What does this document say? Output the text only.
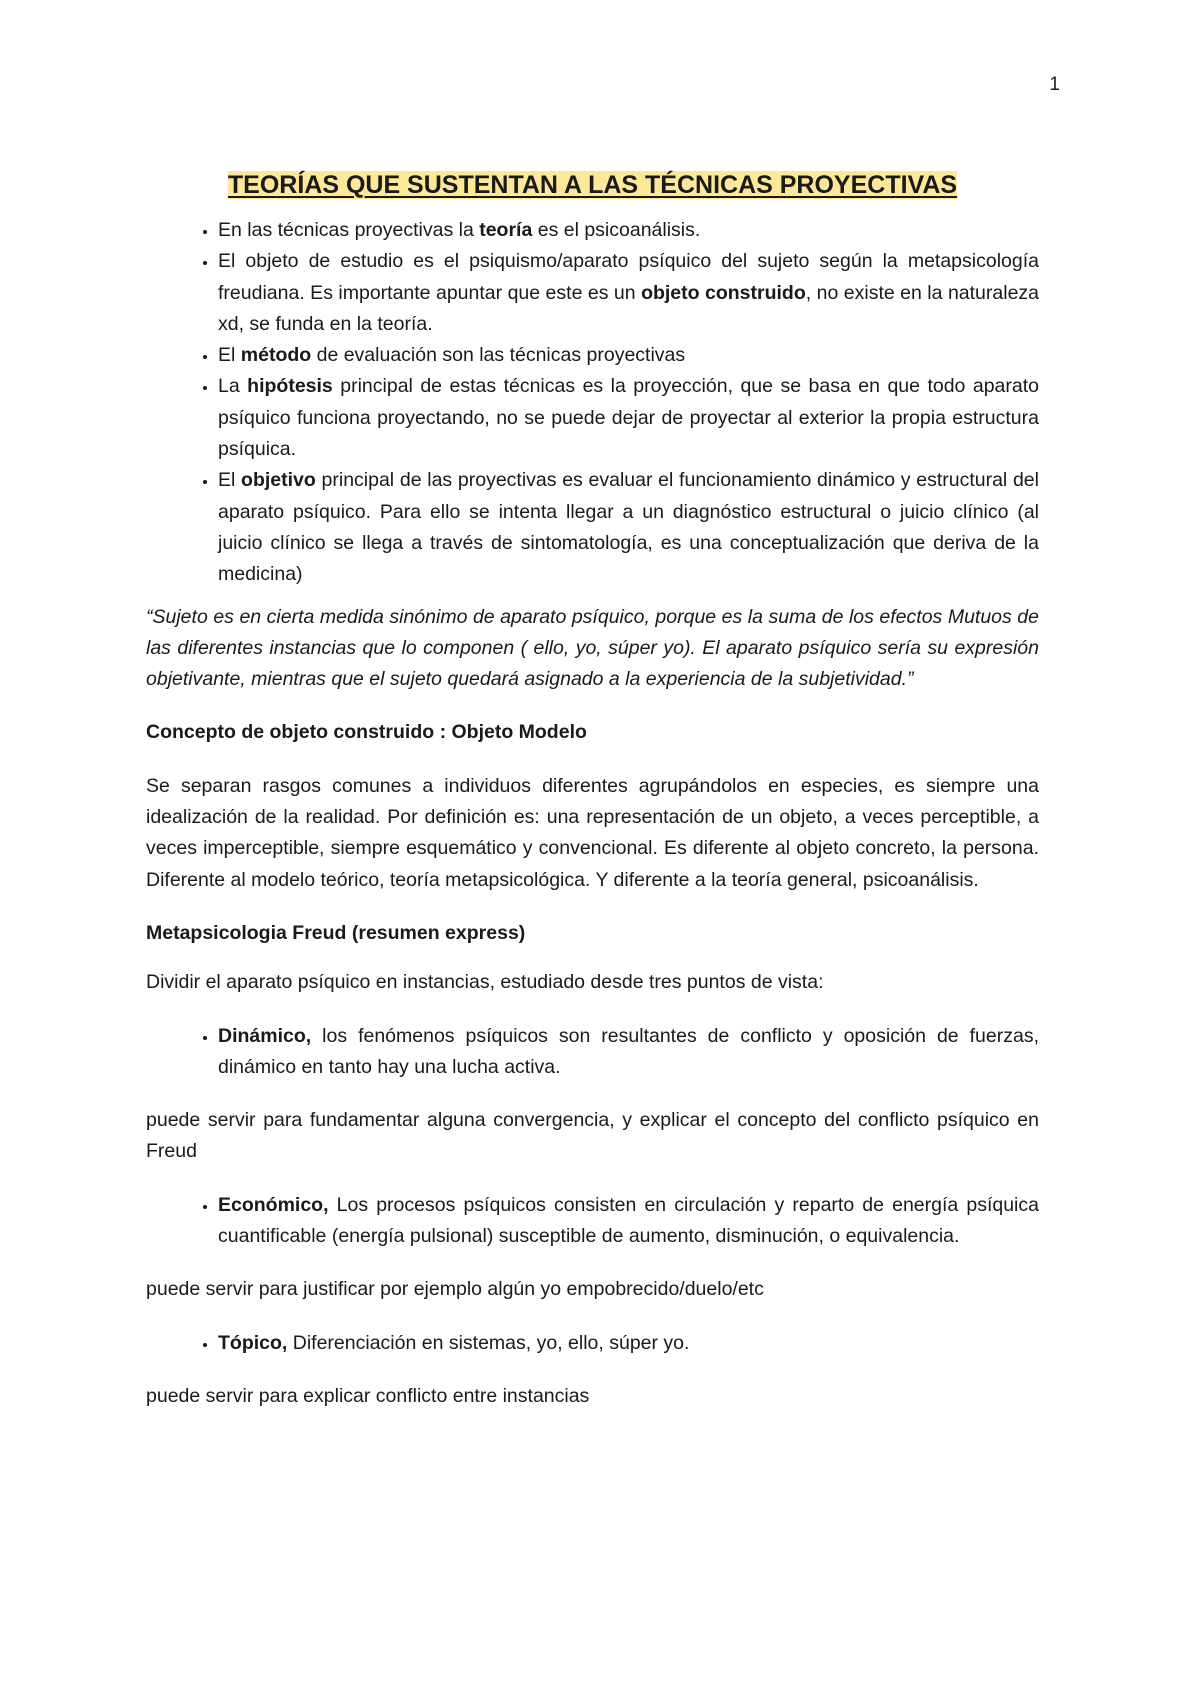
1
TEORÍAS QUE SUSTENTAN A LAS TÉCNICAS PROYECTIVAS
• En las técnicas proyectivas la teoría es el psicoanálisis.
• El objeto de estudio es el psiquismo/aparato psíquico del sujeto según la metapsicología freudiana. Es importante apuntar que este es un objeto construido, no existe en la naturaleza xd, se funda en la teoría.
• El método de evaluación son las técnicas proyectivas
• La hipótesis principal de estas técnicas es la proyección, que se basa en que todo aparato psíquico funciona proyectando, no se puede dejar de proyectar al exterior la propia estructura psíquica.
• El objetivo principal de las proyectivas es evaluar el funcionamiento dinámico y estructural del aparato psíquico. Para ello se intenta llegar a un diagnóstico estructural o juicio clínico (al juicio clínico se llega a través de sintomatología, es una conceptualización que deriva de la medicina)

“Sujeto es en cierta medida sinónimo de aparato psíquico, porque es la suma de los efectos Mutuos de las diferentes instancias que lo componen ( ello, yo, súper yo). El aparato psíquico sería su expresión objetivante, mientras que el sujeto quedará asignado a la experiencia de la subjetividad.”

Concepto de objeto construido : Objeto Modelo

Se separan rasgos comunes a individuos diferentes agrupándolos en especies, es siempre una idealización de la realidad. Por definición es: una representación de un objeto, a veces perceptible, a veces imperceptible, siempre esquemático y convencional. Es diferente al objeto concreto, la persona. Diferente al modelo teórico, teoría metapsicológica. Y diferente a la teoría general, psicoanálisis.

Metapsicologia Freud (resumen express)

Dividir el aparato psíquico en instancias, estudiado desde tres puntos de vista:

• Dinámico, los fenómenos psíquicos son resultantes de conflicto y oposición de fuerzas, dinámico en tanto hay una lucha activa.

puede servir para fundamentar alguna convergencia, y explicar el concepto del conflicto psíquico en Freud

• Económico, Los procesos psíquicos consisten en circulación y reparto de energía psíquica cuantificable (energía pulsional) susceptible de aumento, disminución, o equivalencia.

puede servir para justificar por ejemplo algún yo empobrecido/duelo/etc

• Tópico, Diferenciación en sistemas, yo, ello, súper yo.

puede servir para explicar conflicto entre instancias
